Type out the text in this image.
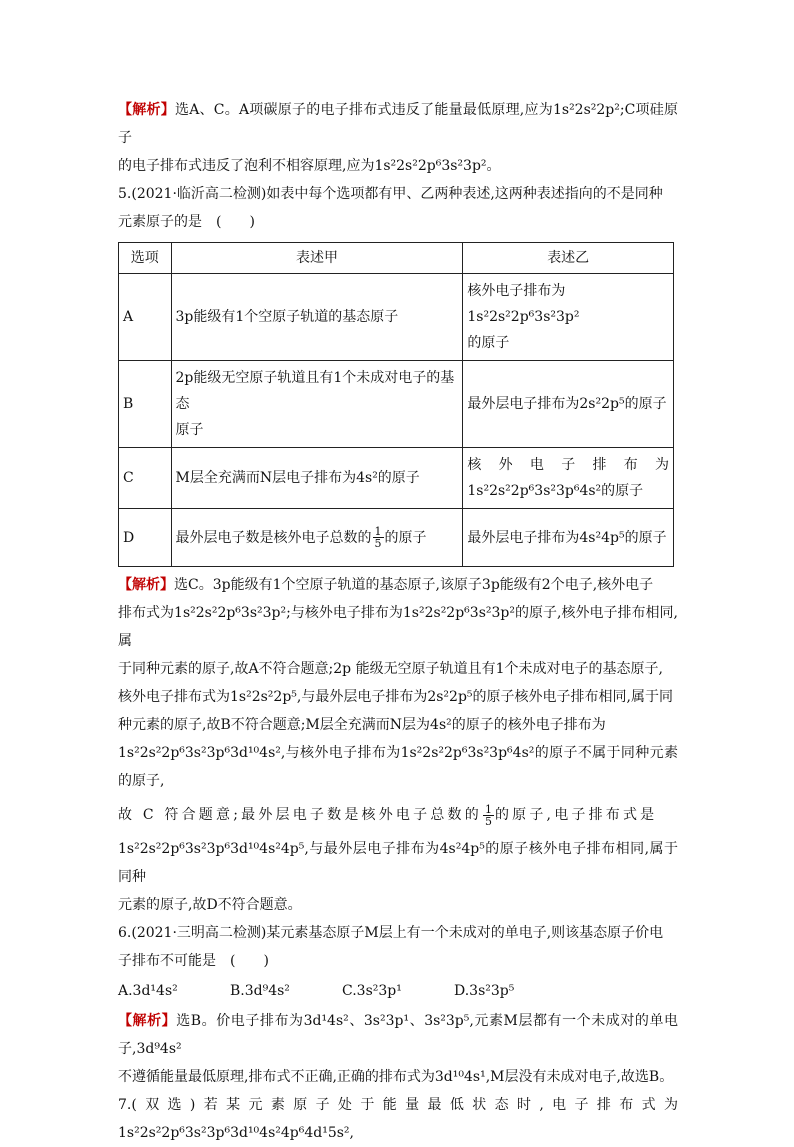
【解析】选A、C。A项碳原子的电子排布式违反了能量最低原理,应为1s²2s²2p²;C项硅原子
的电子排布式违反了泡利不相容原理,应为1s²2s²2p⁶3s²3p²。

5.(2021·临沂高二检测)如表中每个选项都有甲、乙两种表述,这两种表述指向的不是同种
元素原子的是　(　　)

选项	表述甲	表述乙
A	3p能级有1个空原子轨道的基态原子	核外电子排布为1s²2s²2p⁶3s²3p²
的原子
B	2p能级无空原子轨道且有1个未成对电子的基态
原子	最外层电子排布为2s²2p⁵的原子
C	M层全充满而N层电子排布为4s²的原子	核　外　电　子　排　布　为
1s²2s²2p⁶3s²3p⁶4s²的原子
D	最外层电子数是核外电子总数的 $\frac{1}{5}$ 的原子	最外层电子排布为4s²4p⁵的原子

【解析】选C。3p能级有1个空原子轨道的基态原子,该原子3p能级有2个电子,核外电子
排布式为1s²2s²2p⁶3s²3p²;与核外电子排布为1s²2s²2p⁶3s²3p²的原子,核外电子排布相同,属
于同种元素的原子,故A不符合题意;2p 能级无空原子轨道且有1个未成对电子的基态原子,
核外电子排布式为1s²2s²2p⁵,与最外层电子排布为2s²2p⁵的原子核外电子排布相同,属于同
种元素的原子,故B不符合题意;M层全充满而N层为4s²的原子的核外电子排布为
1s²2s²2p⁶3s²3p⁶3d¹⁰4s²,与核外电子排布为1s²2s²2p⁶3s²3p⁶4s²的原子不属于同种元素的原子,

故 C 符合题意;最外层电子数是核外电子总数的 $\frac{1}{5}$ 的原子,电子排布式是

1s²2s²2p⁶3s²3p⁶3d¹⁰4s²4p⁵,与最外层电子排布为4s²4p⁵的原子核外电子排布相同,属于同种
元素的原子,故D不符合题意。

6.(2021·三明高二检测)某元素基态原子M层上有一个未成对的单电子,则该基态原子价电
子排布不可能是　(　　)

A.3d¹4s²	B.3d⁹4s²	C.3s²3p¹	D.3s²3p⁵

【解析】选B。价电子排布为3d¹4s²、3s²3p¹、3s²3p⁵,元素M层都有一个未成对的单电子,3d⁹4s²
不遵循能量最低原理,排布式不正确,正确的排布式为3d¹⁰4s¹,M层没有未成对电子,故选B。

7.(双选)若某元素原子处于能量最低状态时,电子排布式为1s²2s²2p⁶3s²3p⁶3d¹⁰4s²4p⁶4d¹5s²,
